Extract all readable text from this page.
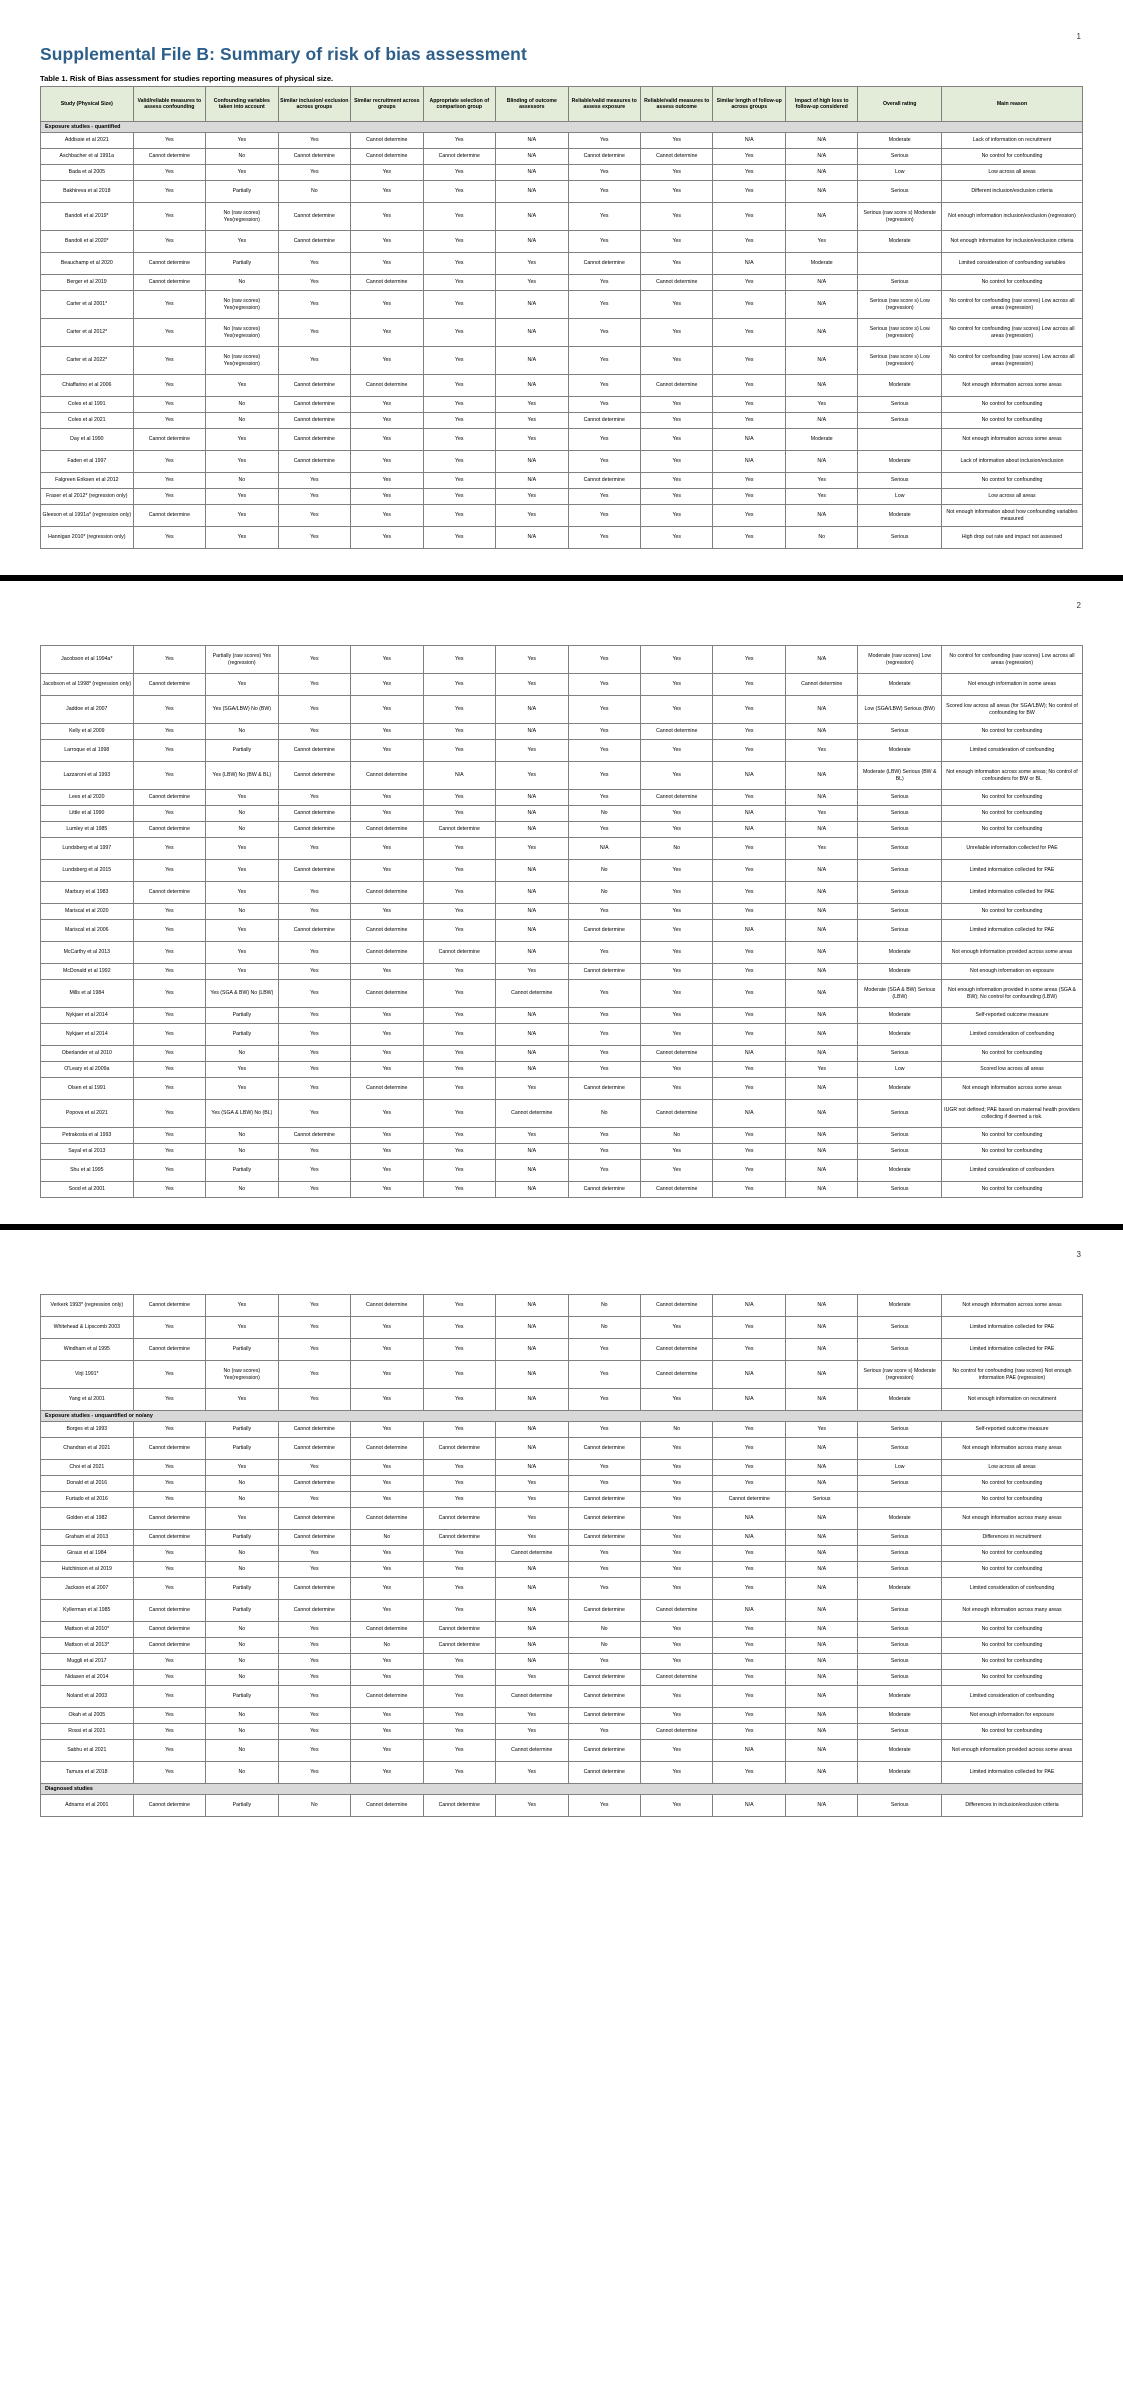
1
Supplemental File B: Summary of risk of bias assessment
Table 1. Risk of Bias assessment for studies reporting measures of physical size.
Study (Physical Size)	Valid/reliable measures to assess confounding	Confounding variables taken into account	Similar inclusion/ exclusion across groups	Similar recruitment across groups	Appropriate selection of comparison group	Blinding of outcome assessors	Reliable/valid measures to assess exposure	Reliable/valid measures to assess outcome	Similar length of follow-up across groups	Impact of high loss to follow-up considered	Overall rating	Main reason
Exposure studies - quantified												
Addissie et al 2021	Yes	Yes	Yes	Cannot determine	Yes	N/A	Yes	Yes	N/A	N/A	Moderate	Lack of information on recruitment
Aschbacher et al 1991a	Cannot determine	No	Cannot determine	Cannot determine	Cannot determine	N/A	Cannot determine	Cannot determine	Yes	N/A	Serious	No control for confounding
Bada et al 2005	Yes	Yes	Yes	Yes	Yes	N/A	Yes	Yes	Yes	N/A	Low	Low across all areas
Bakhireva et al 2018	Yes	Partially	No	Yes	Yes	N/A	Yes	Yes	Yes	N/A	Serious	Different inclusion/exclusion criteria
Bandoli et al 2019*	Yes	No (raw scores) Yes(regression)	Cannot determine	Yes	Yes	N/A	Yes	Yes	Yes	N/A	Serious (raw score s) Moderate (regression)	Not enough information inclusion/exclusion (regression)
Bandoli et al 2020*	Yes	Yes	Cannot determine	Yes	Yes	N/A	Yes	Yes	Yes	Yes	Moderate	Not enough information for inclusion/exclusion criteria
Beauchamp et al 2020	Cannot determine	Partially	Yes	Yes	Yes	Yes	Cannot determine	Yes	N/A	Moderate		Limited consideration of confounding variables
Berger et al 2019	Cannot determine	No	Yes	Cannot determine	Yes	Yes	Yes	Cannot determine	Yes	N/A	Serious	No control for confounding
Carter et al 2001*	Yes	No (raw scores) Yes(regression)	Yes	Yes	Yes	N/A	Yes	Yes	Yes	N/A	Serious (raw score s) Low (regression)	No control for confounding (raw scores) Low across all areas (regression)
Carter et al 2012*	Yes	No (raw scores) Yes(regression)	Yes	Yes	Yes	N/A	Yes	Yes	Yes	N/A	Serious (raw score s) Low (regression)	No control for confounding (raw scores) Low across all areas (regression)
Carter et al 2022*	Yes	No (raw scores) Yes(regression)	Yes	Yes	Yes	N/A	Yes	Yes	Yes	N/A	Serious (raw score s) Low (regression)	No control for confounding (raw scores) Low across all areas (regression)
Chiaffarino et al 2006	Yes	Yes	Cannot determine	Cannot determine	Yes	N/A	Yes	Cannot determine	Yes	N/A	Moderate	Not enough information across some areas
Coles et al 1991	Yes	No	Cannot determine	Yes	Yes	Yes	Yes	Yes	Yes	Yes	Serious	No control for confounding
Coles et al 2021	Yes	No	Cannot determine	Yes	Yes	Yes	Cannot determine	Yes	Yes	N/A	Serious	No control for confounding
Day et al 1990	Cannot determine	Yes	Cannot determine	Yes	Yes	Yes	Yes	Yes	N/A	Moderate		Not enough information across some areas
Faden et al 1997	Yes	Yes	Cannot determine	Yes	Yes	N/A	Yes	Yes	N/A	N/A	Moderate	Lack of information about inclusion/exclusion
Falgreen Eriksen et al 2012	Yes	No	Yes	Yes	Yes	N/A	Cannot determine	Yes	Yes	Yes	Serious	No control for confounding
Fraser et al 2012* (regression only)	Yes	Yes	Yes	Yes	Yes	Yes	Yes	Yes	Yes	Yes	Low	Low across all areas
Gleeson et al 1991a* (regression only)	Cannot determine	Yes	Yes	Yes	Yes	Yes	Yes	Yes	Yes	N/A	Moderate	Not enough information about how confounding variables measured
Hannigan 2010* (regression only)	Yes	Yes	Yes	Yes	Yes	N/A	Yes	Yes	Yes	No	Serious	High drop out rate and impact not assessed
2
Jacobson et al 1994a*	Yes	Partially (raw scores) Yes (regression)	Yes	Yes	Yes	Yes	Yes	Yes	Yes	N/A	Moderate (raw scores) Low (regression)	No control for confounding (raw scores) Low across all areas (regression)
Jacobson et al 1998* (regression only)	Cannot determine	Yes	Yes	Yes	Yes	Yes	Yes	Yes	Yes	Cannot determine	Moderate	Not enough information in some areas
Jaddoe et al 2007	Yes	Yes (SGA/LBW) No (BW)	Yes	Yes	Yes	N/A	Yes	Yes	Yes	N/A	Low (SGA/LBW) Serious (BW)	Scored low across all areas (for SGA/LBW); No control of confounding for BW
Kelly et al 2009	Yes	No	Yes	Yes	Yes	N/A	Yes	Cannot determine	Yes	N/A	Serious	No control for confounding
Larroque et al 1998	Yes	Partially	Cannot determine	Yes	Yes	Yes	Yes	Yes	Yes	Yes	Moderate	Limited consideration of confounding
Lazzaroni et al 1993	Yes	Yes (LBW) No (BW & BL)	Cannot determine	Cannot determine	N/A	Yes	Yes	Yes	N/A	N/A	Moderate (LBW) Serious (BW & BL)	Not enough information across some areas; No control of confounders for BW or BL
Lees et al 2020	Cannot determine	Yes	Yes	Yes	Yes	N/A	Yes	Cannot determine	Yes	N/A	Serious	No control for confounding
Little et al 1990	Yes	No	Cannot determine	Yes	Yes	N/A	No	Yes	N/A	Yes	Serious	No control for confounding
Lumley et al 1985	Cannot determine	No	Cannot determine	Cannot determine	Cannot determine	N/A	Yes	Yes	N/A	N/A	Serious	No control for confounding
Lundsberg et al 1997	Yes	Yes	Yes	Yes	Yes	Yes	N/A	No	Yes	Yes	Serious	Unreliable information collected for PAE
Lundsberg et al 2015	Yes	Yes	Cannot determine	Yes	Yes	N/A	No	Yes	Yes	N/A	Serious	Limited information collected for PAE
Marbury et al 1983	Cannot determine	Yes	Yes	Cannot determine	Yes	N/A	No	Yes	Yes	N/A	Serious	Limited information collected for PAE
Mariscal et al 2020	Yes	No	Yes	Yes	Yes	N/A	Yes	Yes	Yes	N/A	Serious	No control for confounding
Mariscal et al 2006	Yes	Yes	Cannot determine	Cannot determine	Yes	N/A	Cannot determine	Yes	N/A	N/A	Serious	Limited information collected for PAE
McCarthy et al 2013	Yes	Yes	Yes	Cannot determine	Cannot determine	N/A	Yes	Yes	Yes	N/A	Moderate	Not enough information provided across some areas
McDonald et al 1992	Yes	Yes	Yes	Yes	Yes	Yes	Cannot determine	Yes	Yes	N/A	Moderate	Not enough information on exposure
Mills et al 1984	Yes	Yes (SGA & BW) No (LBW)	Yes	Cannot determine	Yes	Cannot determine	Yes	Yes	Yes	N/A	Moderate (SGA & BW) Serious (LBW)	Not enough information provided in some areas (SGA & BW); No control for confounding (LBW)
Nykjaer et al 2014	Yes	Partially	Yes	Yes	Yes	N/A	Yes	Yes	Yes	N/A	Moderate	Self-reported outcome measure
Nykjaer et al 2014	Yes	Partially	Yes	Yes	Yes	N/A	Yes	Yes	Yes	N/A	Moderate	Limited consideration of confounding
Oberlander et al 2010	Yes	No	Yes	Yes	Yes	N/A	Yes	Cannot determine	N/A	N/A	Serious	No control for confounding
O'Leary et al 2009a	Yes	Yes	Yes	Yes	Yes	N/A	Yes	Yes	Yes	Yes	Low	Scored low across all areas
Olsen et al 1991	Yes	Yes	Yes	Cannot determine	Yes	Yes	Cannot determine	Yes	Yes	N/A	Moderate	Not enough information across some areas
Popova et al 2021	Yes	Yes (SGA & LBW) No (BL)	Yes	Yes	Yes	Cannot determine	No	Cannot determine	N/A	N/A	Serious	IUGR not defined; PAE based on maternal health providers collecting if deemed a risk.
Petrakosta et al 1993	Yes	No	Cannot determine	Yes	Yes	Yes	Yes	No	Yes	N/A	Serious	No control for confounding
Sayal et al 2013	Yes	No	Yes	Yes	Yes	N/A	Yes	Yes	Yes	N/A	Serious	No control for confounding
Shu et al 1995	Yes	Partially	Yes	Yes	Yes	N/A	Yes	Yes	Yes	N/A	Moderate	Limited consideration of confounders
Sood et al 2001	Yes	No	Yes	Yes	Yes	N/A	Cannot determine	Cannot determine	Yes	N/A	Serious	No control for confounding
3
Verkerk 1993* (regression only)	Cannot determine	Yes	Yes	Cannot determine	Yes	N/A	No	Cannot determine	N/A	N/A	Moderate	Not enough information across some areas
Whitehead & Lipscomb 2003	Yes	Yes	Yes	Yes	Yes	N/A	No	Yes	Yes	N/A	Serious	Limited information collected for PAE
Windham et al 1995	Cannot determine	Partially	Yes	Yes	Yes	N/A	Yes	Cannot determine	Yes	N/A	Serious	Limited information collected for PAE
Virji 1991*	Yes	No (raw scores) Yes(regression)	Yes	Yes	Yes	N/A	Yes	Cannot determine	N/A	N/A	Serious (raw score s) Moderate (regression)	No control for confounding (raw scores) Not enough information PAE (regression)
Yang et al 2001	Yes	Yes	Yes	Yes	Yes	N/A	Yes	Yes	N/A	N/A	Moderate	Not enough information on recruitment
Exposure studies - unquantified or no/any												
Borges et al 1993	Yes	Partially	Cannot determine	Yes	Yes	N/A	Yes	No	Yes	Yes	Serious	Self-reported outcome measure
Chandran et al 2021	Cannot determine	Partially	Cannot determine	Cannot determine	Cannot determine	N/A	Cannot determine	Yes	Yes	N/A	Serious	Not enough information across many areas
Choi et al 2021	Yes	Yes	Yes	Yes	Yes	N/A	Yes	Yes	Yes	N/A	Low	Low across all areas
Donald et al 2016	Yes	No	Cannot determine	Yes	Yes	Yes	Yes	Yes	Yes	N/A	Serious	No control for confounding
Furtado et al 2016	Yes	No	Yes	Yes	Yes	Yes	Cannot determine	Yes	Cannot determine	Serious		No control for confounding
Golden et al 1982	Cannot determine	Yes	Cannot determine	Cannot determine	Cannot determine	Yes	Cannot determine	Yes	N/A	N/A	Moderate	Not enough information across many areas
Graham et al 2013	Cannot determine	Partially	Cannot determine	No	Cannot determine	Yes	Cannot determine	Yes	N/A	N/A	Serious	Differences in recruitment
Giraux et al 1984	Yes	No	Yes	Yes	Yes	Cannot determine	Yes	Yes	Yes	N/A	Serious	No control for confounding
Hutchinson et al 2019	Yes	No	Yes	Yes	Yes	N/A	Yes	Yes	Yes	N/A	Serious	No control for confounding
Jackson et al 2007	Yes	Partially	Cannot determine	Yes	Yes	N/A	Yes	Yes	Yes	N/A	Moderate	Limited consideration of confounding
Kyllerman et al 1985	Cannot determine	Partially	Cannot determine	Yes	Yes	N/A	Cannot determine	Cannot determine	N/A	N/A	Serious	Not enough information across many areas
Mattson et al 2010*	Cannot determine	No	Yes	Cannot determine	Cannot determine	N/A	No	Yes	Yes	N/A	Serious	No control for confounding
Mattson et al 2013*	Cannot determine	No	Yes	No	Cannot determine	N/A	No	Yes	Yes	N/A	Serious	No control for confounding
Muggli et al 2017	Yes	No	Yes	Yes	Yes	N/A	Yes	Yes	Yes	N/A	Serious	No control for confounding
Nidasen et al 2014	Yes	No	Yes	Yes	Yes	Yes	Cannot determine	Cannot determine	Yes	N/A	Serious	No control for confounding
Noland et al 2003	Yes	Partially	Yes	Cannot determine	Yes	Cannot determine	Cannot determine	Yes	Yes	N/A	Moderate	Limited consideration of confounding
Okah et al 2005	Yes	No	Yes	Yes	Yes	Yes	Cannot determine	Yes	Yes	N/A	Moderate	Not enough information for exposure
Rossi et al 2021	Yes	No	Yes	Yes	Yes	Yes	Yes	Cannot determine	Yes	N/A	Serious	No control for confounding
Sabhu et al 2021	Yes	No	Yes	Yes	Yes	Cannot determine	Cannot determine	Yes	N/A	N/A	Moderate	Not enough information provided across some areas
Tamura et al 2018	Yes	No	Yes	Yes	Yes	Yes	Cannot determine	Yes	Yes	N/A	Moderate	Limited information collected for PAE
Diagnosed studies												
Adnams et al 2001	Cannot determine	Partially	No	Cannot determine	Cannot determine	Yes	Yes	Yes	N/A	N/A	Serious	Differences in inclusion/exclusion criteria
